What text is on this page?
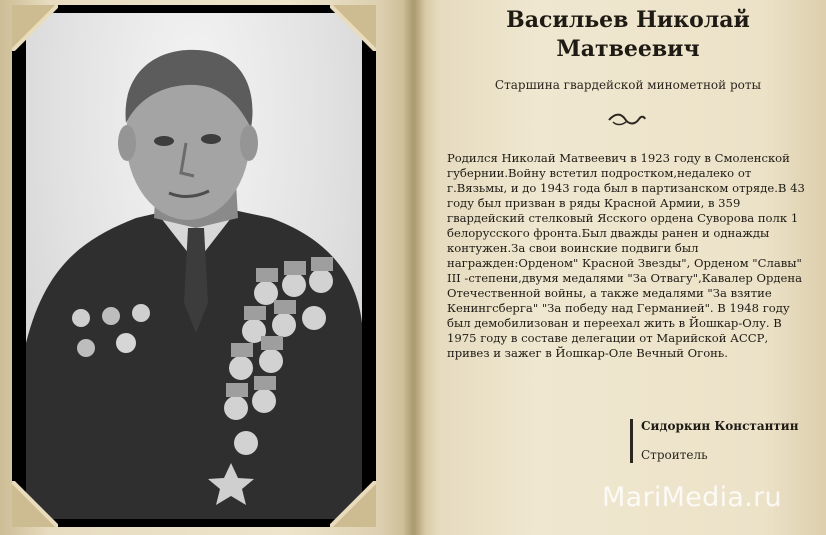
Васильев Николай
Матвеевич
Старшина гвардейской минометной роты
Родился Николай Матвеевич в 1923 году в Смоленской губернии.Войну встетил подростком,недалеко от г.Вязьмы, и до 1943 года был в партизанском отряде.В 43 году был призван в ряды Красной Армии, в 359 гвардейский стелковый Ясского ордена Суворова полк 1 белорусского фронта.Был дважды ранен и однажды контужен.За свои воинские подвиги был награжден:Орденом" Красной Звезды", Орденом "Славы" III -степени,двумя медалями "За Отвагу",Кавалер Ордена Отечественной войны, а также медалями "За взятие Кенингсберга" "За победу над Германией". В 1948 году был демобилизован и переехал жить в Йошкар-Олу. В 1975 году в составе делегации от Марийской АССР, привез и зажег в Йошкар-Оле Вечный Огонь.
Сидоркин Константин
Строитель
MariMedia.ru
